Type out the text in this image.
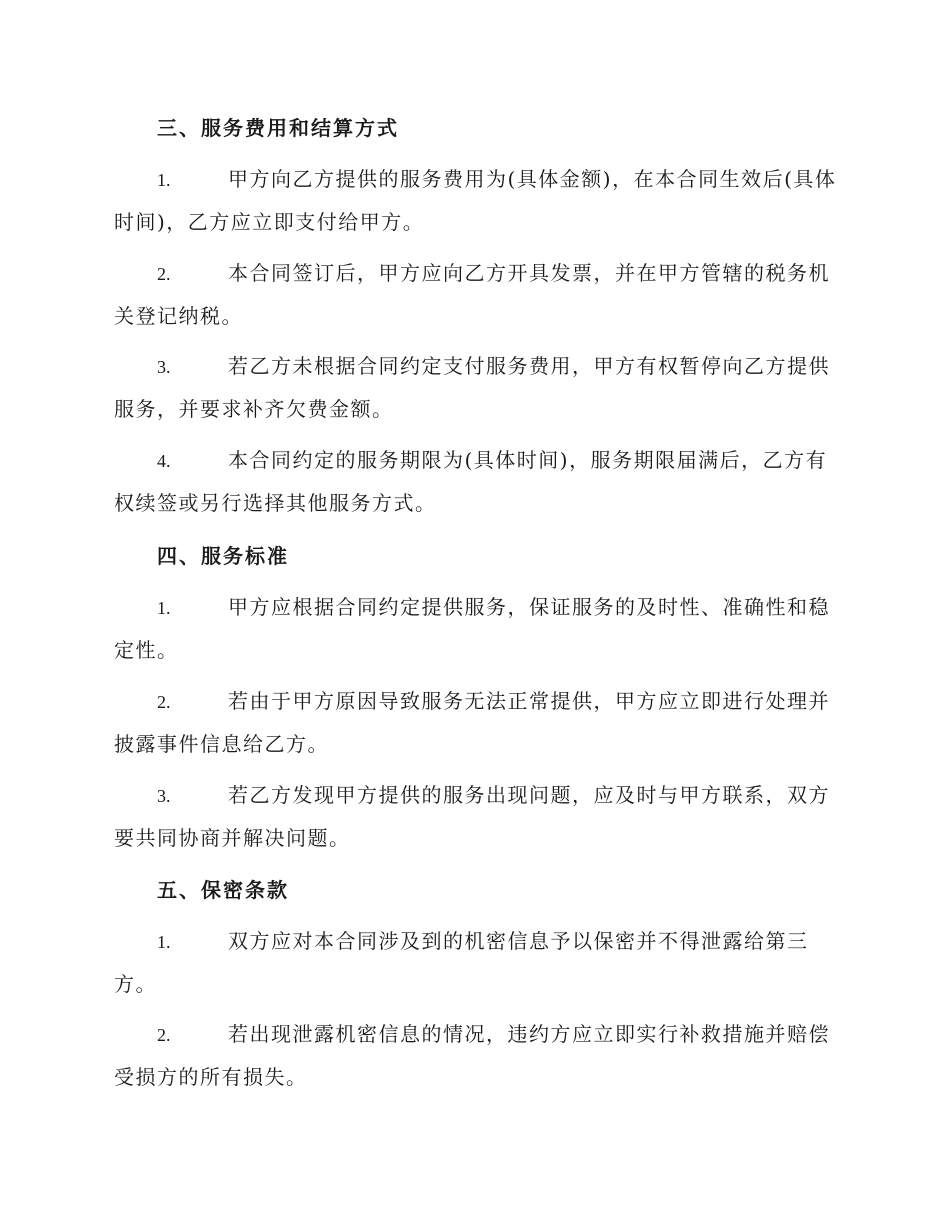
三、服务费用和结算方式
1.	甲方向乙方提供的服务费用为(具体金额)，在本合同生效后(具体
时间)，乙方应立即支付给甲方。
2.	本合同签订后，甲方应向乙方开具发票，并在甲方管辖的税务机
关登记纳税。
3.	若乙方未根据合同约定支付服务费用，甲方有权暂停向乙方提供
服务，并要求补齐欠费金额。
4.	本合同约定的服务期限为(具体时间)，服务期限届满后，乙方有
权续签或另行选择其他服务方式。
四、服务标准
1.	甲方应根据合同约定提供服务，保证服务的及时性、准确性和稳
定性。
2.	若由于甲方原因导致服务无法正常提供，甲方应立即进行处理并
披露事件信息给乙方。
3.	若乙方发现甲方提供的服务出现问题，应及时与甲方联系，双方
要共同协商并解决问题。
五、保密条款
1.	双方应对本合同涉及到的机密信息予以保密并不得泄露给第三
方。
2.	若出现泄露机密信息的情况，违约方应立即实行补救措施并赔偿
受损方的所有损失。
